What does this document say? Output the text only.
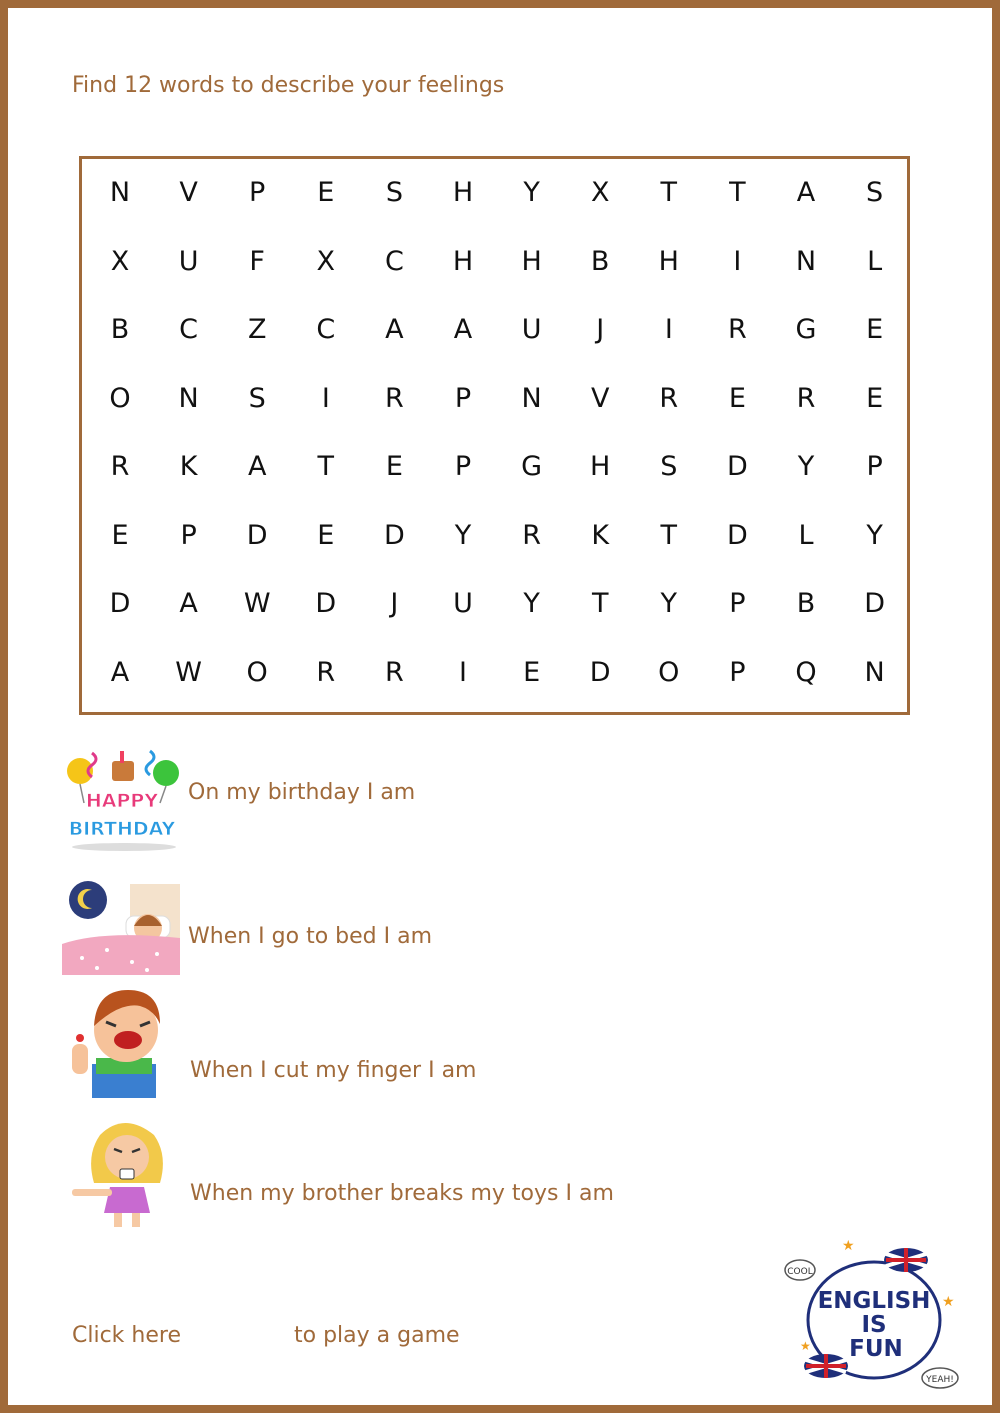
Find 12 words to describe your feelings
N	V	P	E	S	H	Y	X	T	T	A	S
X	U	F	X	C	H	H	B	H	I	N	L
B	C	Z	C	A	A	U	J	I	R	G	E
O	N	S	I	R	P	N	V	R	E	R	E
R	K	A	T	E	P	G	H	S	D	Y	P
E	P	D	E	D	Y	R	K	T	D	L	Y
D	A	W	D	J	U	Y	T	Y	P	B	D
A	W	O	R	R	I	E	D	O	P	Q	N
HAPPY
BIRTHDAY
On my birthday I am
When I go to bed I am
When I cut my finger I am
When my brother breaks my toys I am
Click here	to play a game
COOL
YEAH!
★
★
★
ENGLISH
IS
FUN
